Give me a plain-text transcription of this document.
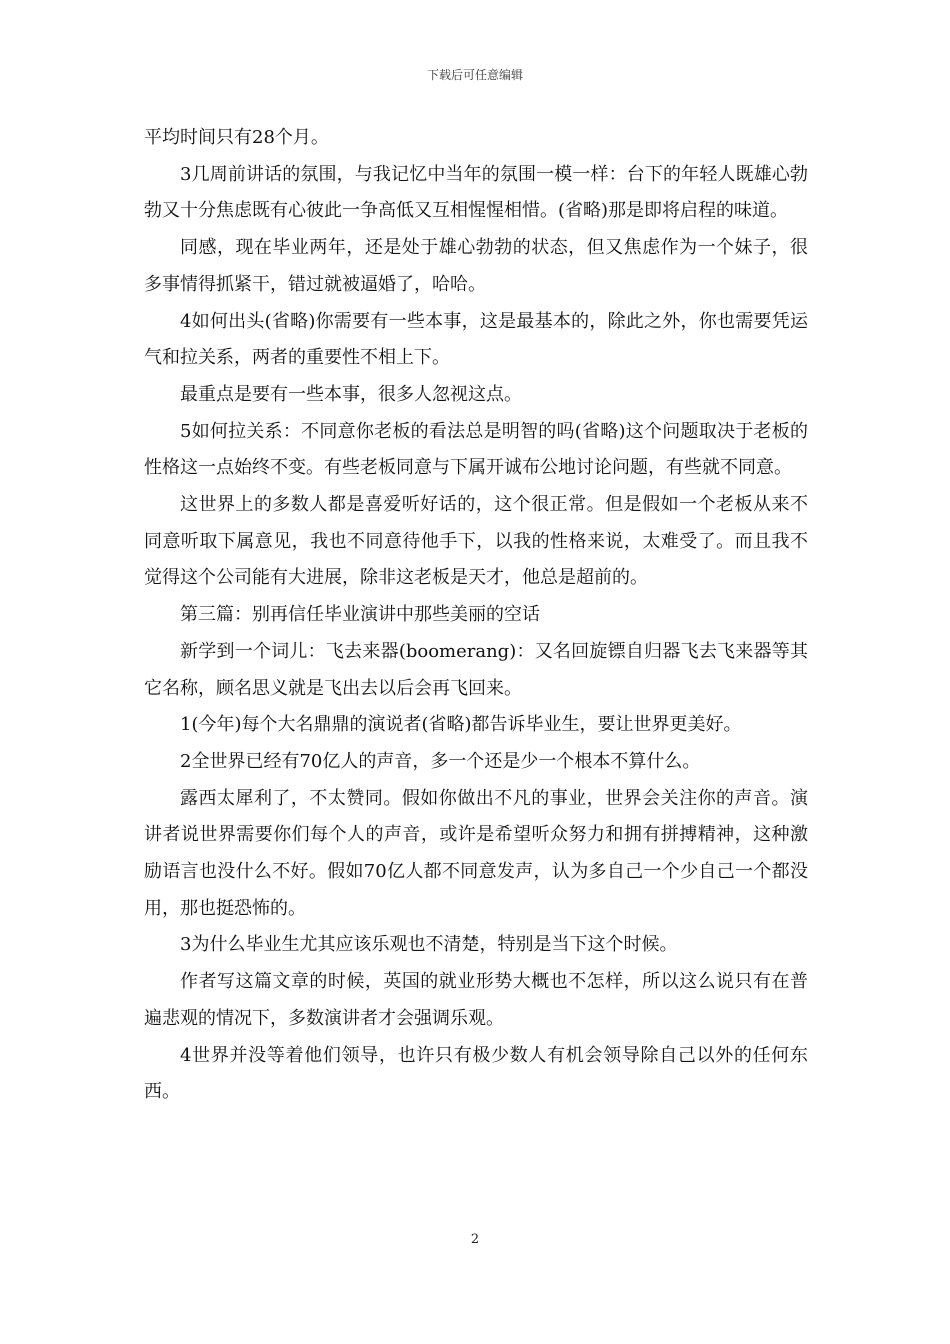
下载后可任意编辑

平均时间只有28个月。

3几周前讲话的氛围，与我记忆中当年的氛围一模一样：台下的年轻人既雄心勃勃又十分焦虑既有心彼此一争高低又互相惺惺相惜。(省略)那是即将启程的味道。

同感，现在毕业两年，还是处于雄心勃勃的状态，但又焦虑作为一个妹子，很多事情得抓紧干，错过就被逼婚了，哈哈。

4如何出头(省略)你需要有一些本事，这是最基本的，除此之外，你也需要凭运气和拉关系，两者的重要性不相上下。

最重点是要有一些本事，很多人忽视这点。

5如何拉关系：不同意你老板的看法总是明智的吗(省略)这个问题取决于老板的性格这一点始终不变。有些老板同意与下属开诚布公地讨论问题，有些就不同意。

这世界上的多数人都是喜爱听好话的，这个很正常。但是假如一个老板从来不同意听取下属意见，我也不同意待他手下，以我的性格来说，太难受了。而且我不觉得这个公司能有大进展，除非这老板是天才，他总是超前的。

第三篇：别再信任毕业演讲中那些美丽的空话

新学到一个词儿：飞去来器(boomerang)：又名回旋镖自归器飞去飞来器等其它名称，顾名思义就是飞出去以后会再飞回来。

1(今年)每个大名鼎鼎的演说者(省略)都告诉毕业生，要让世界更美好。

2全世界已经有70亿人的声音，多一个还是少一个根本不算什么。

露西太犀利了，不太赞同。假如你做出不凡的事业，世界会关注你的声音。演讲者说世界需要你们每个人的声音，或许是希望听众努力和拥有拼搏精神，这种激励语言也没什么不好。假如70亿人都不同意发声，认为多自己一个少自己一个都没用，那也挺恐怖的。

3为什么毕业生尤其应该乐观也不清楚，特别是当下这个时候。

作者写这篇文章的时候，英国的就业形势大概也不怎样，所以这么说只有在普遍悲观的情况下，多数演讲者才会强调乐观。

4世界并没等着他们领导，也许只有极少数人有机会领导除自己以外的任何东西。

2
